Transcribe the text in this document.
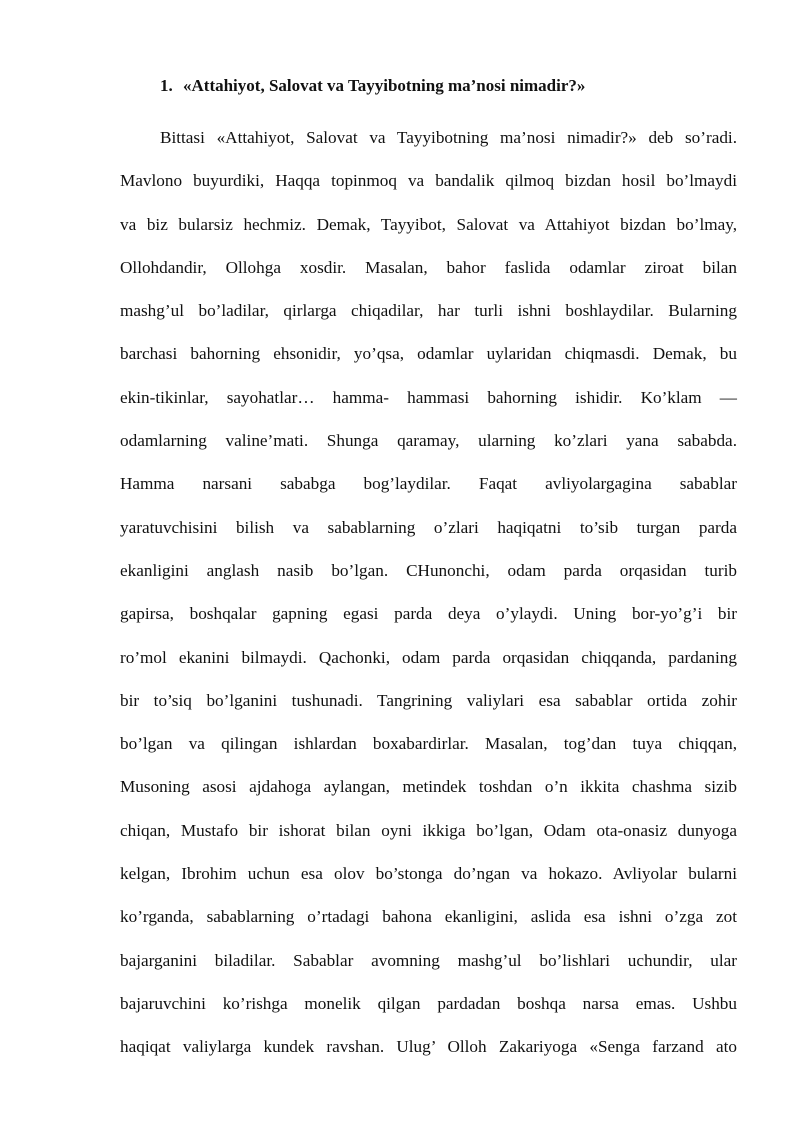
1. «Attahiyot, Salovat va Tayyibotning ma’nosi nimadir?»
Bittasi «Attahiyot, Salovat va Tayyibotning ma’nosi nimadir?» deb so’radi.
Mavlono buyurdiki, Haqqa topinmoq va bandalik qilmoq bizdan hosil bo’lmaydi
va biz bularsiz hechmiz. Demak, Tayyibot, Salovat va Attahiyot bizdan bo’lmay,
Ollohdandir, Ollohga xosdir. Masalan, bahor faslida odamlar ziroat bilan
mashg’ul bo’ladilar, qirlarga chiqadilar, har turli ishni boshlaydilar. Bularning
barchasi bahorning ehsonidir, yo’qsa, odamlar uylaridan chiqmasdi. Demak, bu
ekin-tikinlar, sayohatlar… hamma- hammasi bahorning ishidir. Ko’klam —
odamlarning valine’mati. Shunga qaramay, ularning ko’zlari yana sababda.
Hamma narsani sababga bog’laydilar. Faqat avliyolargagina sabablar
yaratuvchisini bilish va sabablarning o’zlari haqiqatni to’sib turgan parda
ekanligini anglash nasib bo’lgan. CHunonchi, odam parda orqasidan turib
gapirsa, boshqalar gapning egasi parda deya o’ylaydi. Uning bor-yo’g’i bir
ro’mol ekanini bilmaydi. Qachonki, odam parda orqasidan chiqqanda, pardaning
bir to’siq bo’lganini tushunadi. Tangrining valiylari esa sabablar ortida zohir
bo’lgan va qilingan ishlardan boxabardirlar. Masalan, tog’dan tuya chiqqan,
Musoning asosi ajdahoga aylangan, metindek toshdan o’n ikkita chashma sizib
chiqan, Mustafo bir ishorat bilan oyni ikkiga bo’lgan, Odam ota-onasiz dunyoga
kelgan, Ibrohim uchun esa olov bo’stonga do’ngan va hokazo. Avliyolar bularni
ko’rganda, sabablarning o’rtadagi bahona ekanligini, aslida esa ishni o’zga zot
bajarganini biladilar. Sabablar avomning mashg’ul bo’lishlari uchundir, ular
bajaruvchini ko’rishga monelik qilgan pardadan boshqa narsa emas. Ushbu
haqiqat valiylarga kundek ravshan. Ulug’ Olloh Zakariyoga «Senga farzand ato
